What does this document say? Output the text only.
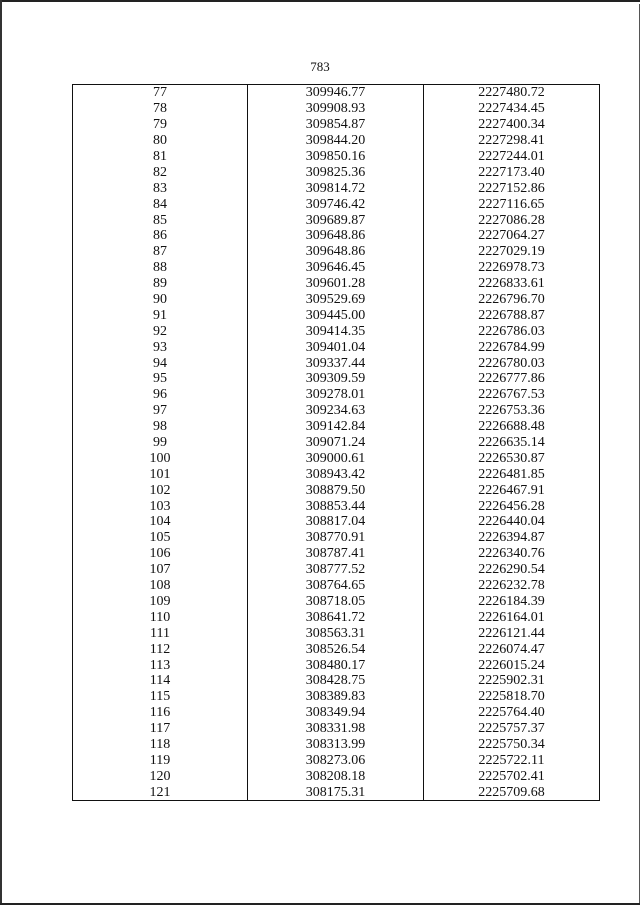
783
77	309946.77	2227480.72
78	309908.93	2227434.45
79	309854.87	2227400.34
80	309844.20	2227298.41
81	309850.16	2227244.01
82	309825.36	2227173.40
83	309814.72	2227152.86
84	309746.42	2227116.65
85	309689.87	2227086.28
86	309648.86	2227064.27
87	309648.86	2227029.19
88	309646.45	2226978.73
89	309601.28	2226833.61
90	309529.69	2226796.70
91	309445.00	2226788.87
92	309414.35	2226786.03
93	309401.04	2226784.99
94	309337.44	2226780.03
95	309309.59	2226777.86
96	309278.01	2226767.53
97	309234.63	2226753.36
98	309142.84	2226688.48
99	309071.24	2226635.14
100	309000.61	2226530.87
101	308943.42	2226481.85
102	308879.50	2226467.91
103	308853.44	2226456.28
104	308817.04	2226440.04
105	308770.91	2226394.87
106	308787.41	2226340.76
107	308777.52	2226290.54
108	308764.65	2226232.78
109	308718.05	2226184.39
110	308641.72	2226164.01
111	308563.31	2226121.44
112	308526.54	2226074.47
113	308480.17	2226015.24
114	308428.75	2225902.31
115	308389.83	2225818.70
116	308349.94	2225764.40
117	308331.98	2225757.37
118	308313.99	2225750.34
119	308273.06	2225722.11
120	308208.18	2225702.41
121	308175.31	2225709.68
